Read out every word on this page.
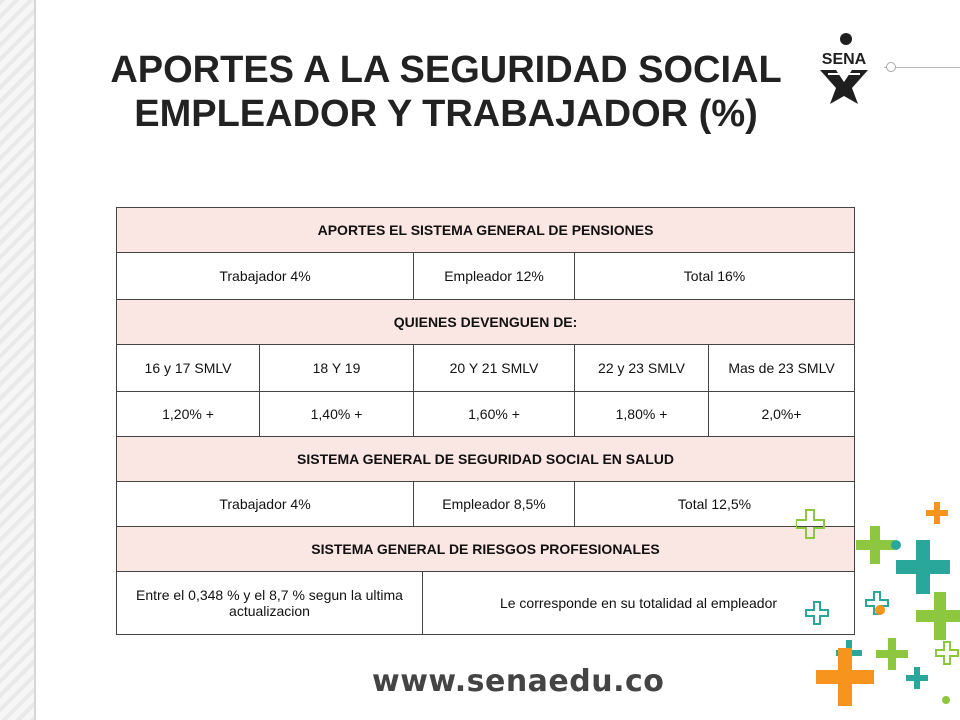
APORTES A LA SEGURIDAD SOCIAL
EMPLEADOR Y TRABAJADOR (%)
SENA
APORTES EL SISTEMA GENERAL DE PENSIONES					
Trabajador 4%		Empleador 12%		Total 16%	
QUIENES DEVENGUEN DE:					
16 y 17 SMLV	18 Y 19	20 Y 21 SMLV		22 y 23 SMLV	Mas de 23 SMLV
1,20% +	1,40% +	1,60% +		1,80% +	2,0%+
SISTEMA GENERAL DE SEGURIDAD SOCIAL EN SALUD					
Trabajador 4%		Empleador 8,5%		Total 12,5%	
SISTEMA GENERAL DE RIESGOS PROFESIONALES					
Entre el 0,348 % y el 8,7 % segun la ultima actualizacion			Le corresponde en su totalidad al empleador		
www.senaedu.co
